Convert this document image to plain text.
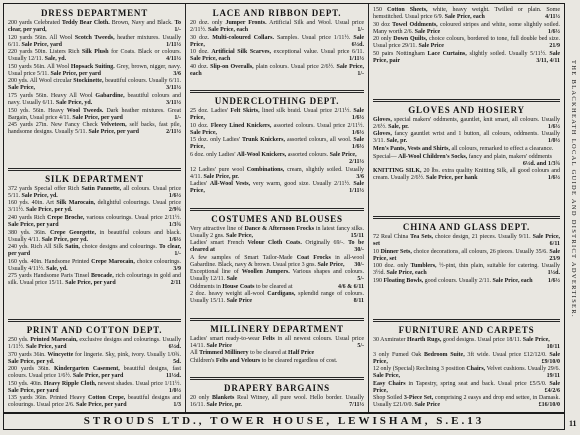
DRESS DEPARTMENT

200 yards Celebrated Teddy Bear Cloth. Brown, Navy and Black. To clear, per yard,	1/-

120 yards 56in. All Wool Scotch Tweeds, heather mixtures. Usually 6/11. Sale Price, yard	1/11½

220 yards 50in. Listers Rich Silk Plush for Coats. Black or colours. Usually 12/11. Sale, yd.	4/11½

150 yards 56in. All Wool Hopsack Suiting. Grey, brown, nigger, navy. Usual price 5/11. Sale Price, per yard	3/6

200 yds. All Wool circular Stockinette, beautiful colours. Usually 6/11. Sale Price,	3/11½

175 yards 56in. Heavy All Wool Gabardine, beautiful colours and navy. Usually 6/11. Sale Price, yd.	3/11½

150 yds. 56in. Heavy Wool Tweeds. Dark heather mixtures. Great Bargain, Usual price 4/11. Sale Price, per yard	1/-

245 yards 27in. New Fancy Check Velveteen, self backs, fast pile, handsome designs. Usually 5/11. Sale Price, per yard	2/11½

SILK DEPARTMENT

372 yards Special offer Rich Satin Pannette, all colours. Usual price 5/11. Sale Price, yd.	1/6½

160 yds. 40in. Art Silk Marocain, delightful colourings. Usual price 3/11½. Sale Price, per yd.	2/9¾

240 yards Rich Crepe Broche, various colourings. Usual price 2/11½. Sale Price, per yard	1/3¾

380 yds. 36in. Crepe Georgette, in beautiful colours and black. Usually 4/11. Sale Price, per yd.	1/6½

240 yds. Rich All Silk Satin, choice designs and colourings. To clear, per yard	1/-

160 yds. 40in. Handsome Printed Crepe Marocain, choice colourings. Usually 4/11½. Sale, yd.	3/9

275 yards Handsome Paris Tinsel Brocade, rich colourings in gold and silk. Usual price 15/11. Sale Price, per yard	2/11

PRINT AND COTTON DEPT.

250 yds. Printed Marocain, exclusive designs and colourings. Usually 1/11½. Sale Price, yard	6½d.

370 yards 36in. Wincyette for lingerie. Sky, pink, ivory. Usually 1/0¾. Sale Price, per yd.	5d.

200 yards 36in. Kindergarten Casement, beautiful designs, fast colours. Usual price 1/6½. Sale Price, per yard	11½d.

150 yds. 40in. Heavy Ripple Cloth, newest shades. Usual price 1/11½. Sale Price, per yard	1/0½

135 yards 36in. Printed Heavy Cotton Crepe, beautiful designs and colourings. Usual price 2/6. Sale Price, per yard	1/3

LACE AND RIBBON DEPT.

20 doz. only Jumper Fronts. Artificial Silk and Wool. Usual price 2/11½. Sale Price, each	1/-

30 doz. Multi-coloured Collars. Samples. Usual price 1/11½. Sale Price,	6½d.

10 doz. Artificial Silk Scarves, exceptional value. Usual price 6/11. Sale Price, each	1/11½

40 doz. Slip-on Overalls, plain colours. Usual price 2/6½. Sale Price, each	1/-

UNDERCLOTHING DEPT.

25 doz. Ladies' Felt Skirts, lined silk braid. Usual price 2/11½. Sale Price,	1/6½

10 doz. Fleecy Lined Knickers, assorted colours. Usual price 2/11½. Sale Price,	1/6½

15 doz. only Ladies' Trunk Knickers, assorted colours, all wool. Sale Price,	1/6½

6 doz. only Ladies' All-Wool Knickers, assorted colours. Sale Price,
2/11½

12 Ladies' pure wool Combinations, cream, slightly soiled. Usually 4/11. Sale Price, pr.	3/6

Ladies' All-Wool Vests, very warm, good size. Usually 2/11½. Sale Price,	1/11½

COSTUMES AND BLOUSES

Very attractive line of Dance & Afternoon Frocks in latest fancy silks. Usually 2 gns. Sale Price,	15/11

Ladies' smart French Velour Cloth Coats. Originally 69/-. To be cleared at	30/-

A few samples of Smart Tailor-Made Coat Frocks in all-wool Gabardine. Black, navy & brown. Usual price 3 gns. Sale Price, 30/-

Exceptional line of Woollen Jumpers. Various shapes and colours. Usually 12/11. Sale	5/-

Oddments in House Coats to be cleared at	4/6 & 6/11

2 doz. heavy weight all-wool Cardigans, splendid range of colours. Usually 15/11. Sale Price	8/11

MILLINERY DEPARTMENT

Ladies' smart ready-to-wear Felts in all newest colours. Usual price 14/11. Sale Price	5/-

All Trimmed Millinery to be cleared at Half Price

Children's Felts and Velours to be cleared regardless of cost.

DRAPERY BARGAINS

20 only Blankets Real Witney, all pure wool. Hello border. Usually 16/11. Sale Price, pr.	7/11½

150 Cotton Sheets, white, heavy weight. Twilled or plain. Some hemstitched. Usual price 6/9. Sale Price, each	4/11½

30 doz Towel Oddments, coloured stripes and white, some slightly soiled. Many worth 2/6. Sale Price	1/6½

20 only Down Quilts, choice colours, bordered to tone, full double bed size. Usual price 29/11. Sale Price	21/9

50 pairs Nottingham Lace Curtains, slightly soiled. Usually 5/11½. Sale Price, pair	3/11, 4/11

GLOVES AND HOSIERY

Gloves, special makers' oddments, gauntlet, knit smart, all colours. Usually 2/6½. Sale, pr.	1/6½

Gloves, fancy gauntlet wrist and 1 button, all colours, oddments. Usually 3/11. Sale, pr.	1/0½

Men's Pants, Vests and Shirts, all colours, remarked to effect a clearance.

Special— All-Wool Children's Socks, fancy and plain, makers' oddments
6½d. and 1/3¾

KNITTING SILK, 20 lbs. extra quality Knitting Silk, all good colours and cream. Usually 2/6½. Sale Price, per hank	1/6½

CHINA AND GLASS DEPT.

72 Real China Tea Sets, choice design, 21 pieces. Usually 9/11. Sale Price, set	6/11

10 Dinner Sets, choice decorations, all colours, 26 pieces. Usually 35/6. Sale Price, set	23/9

100 doz. only Tumblers, ½-pint, thin plain, suitable for catering. Usually 3½d. Sale Price, each	1½d.

190 Floating Bowls, good colours. Usually 2/11. Sale Price, each	1/6½

FURNITURE AND CARPETS

30 Axminster Hearth Rugs, good designs. Usual price 18/11. Sale Price,
10/11

3 only Fumed Oak Bedroom Suite, 3ft wide. Usual price £12/12/0. Sale Price,	£9/10/0

12 only (Special) Reclining 3 position Chairs, Velvet cushions. Usually 29/6. Sale Price,	19/11

Easy Chairs in Tapestry, spring seat and back. Usual price £5/5/0. Sale Price,	£4/2/6

Shop Soiled 3-Piece Set, comprising 2 easys and drop end settee, in Damask. Usually £21/0/0. Sale Price	£16/10/0

STROUDS LTD., TOWER HOUSE, LEWISHAM, S.E.13
THE BLACKHEATH LOCAL GUIDE AND DISTRICT ADVERTISER.
11
